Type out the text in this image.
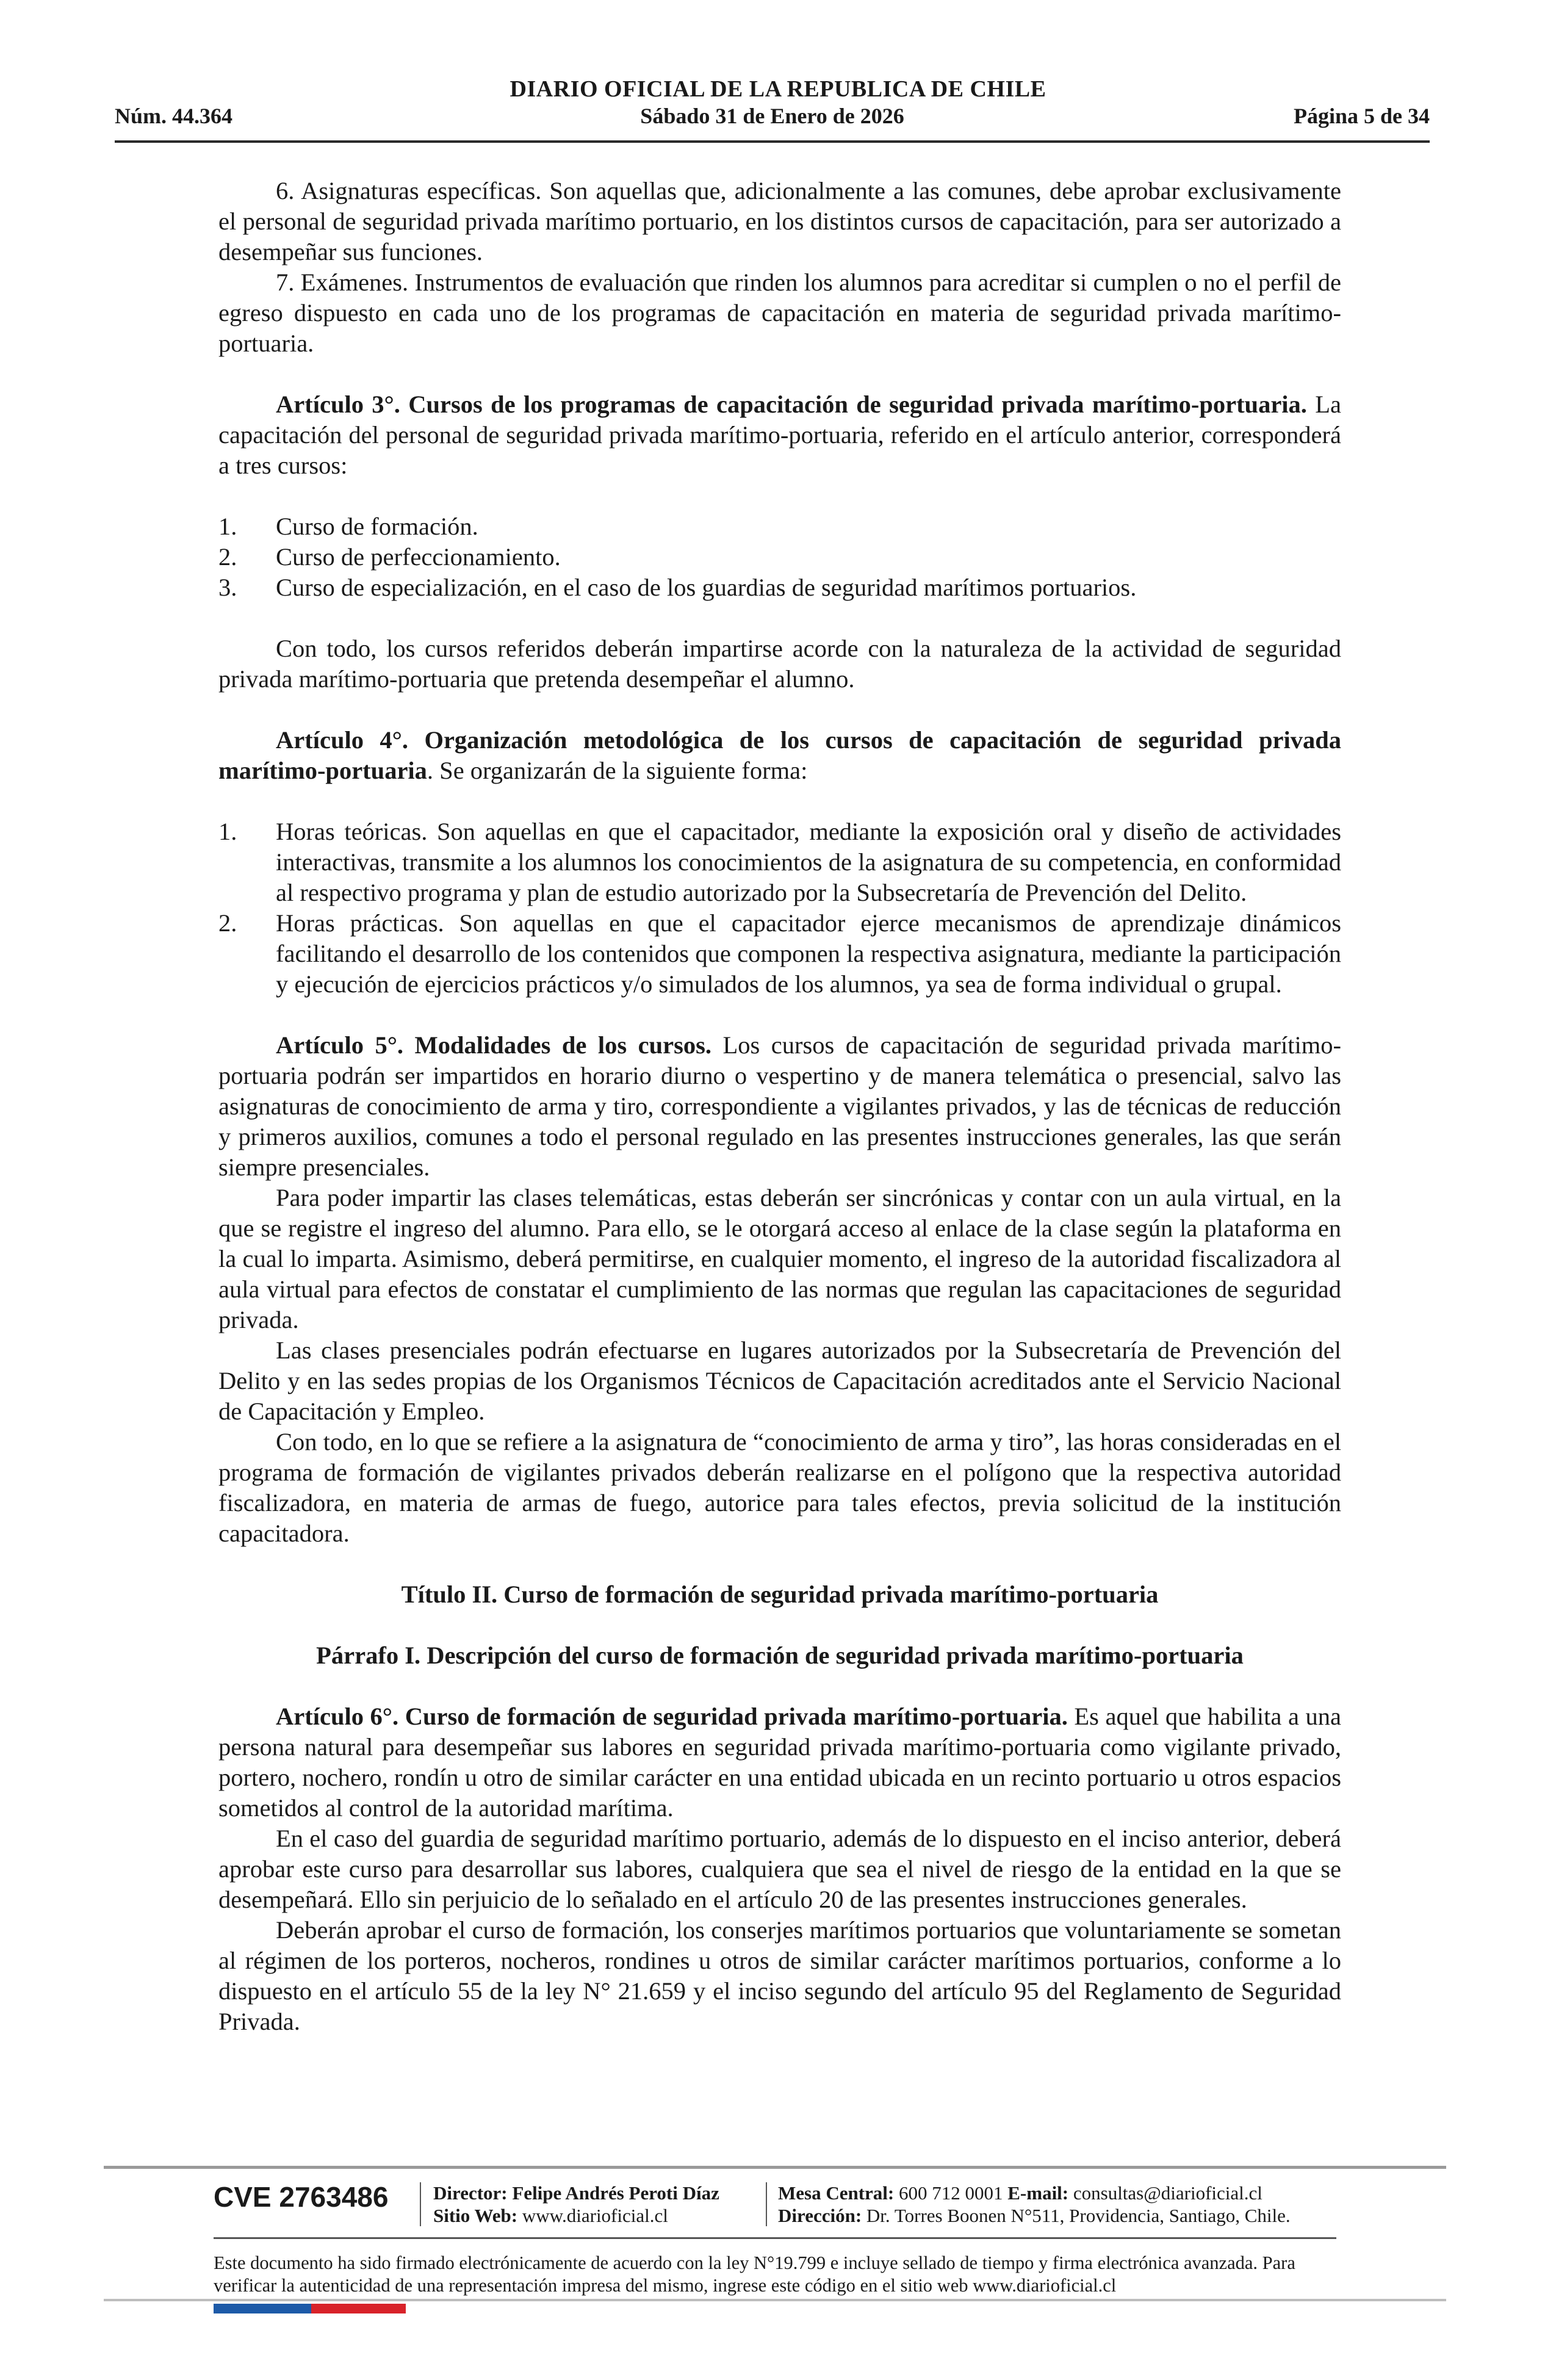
DIARIO OFICIAL DE LA REPUBLICA DE CHILE
Núm. 44.364	Sábado 31 de Enero de 2026	Página 5 de 34

6. Asignaturas específicas. Son aquellas que, adicionalmente a las comunes, debe aprobar exclusivamente el personal de seguridad privada marítimo portuario, en los distintos cursos de capacitación, para ser autorizado a desempeñar sus funciones.

7. Exámenes. Instrumentos de evaluación que rinden los alumnos para acreditar si cumplen o no el perfil de egreso dispuesto en cada uno de los programas de capacitación en materia de seguridad privada marítimo-portuaria.

Artículo 3°. Cursos de los programas de capacitación de seguridad privada marítimo-portuaria. La capacitación del personal de seguridad privada marítimo-portuaria, referido en el artículo anterior, corresponderá a tres cursos:

1. Curso de formación.
2. Curso de perfeccionamiento.
3. Curso de especialización, en el caso de los guardias de seguridad marítimos portuarios.

Con todo, los cursos referidos deberán impartirse acorde con la naturaleza de la actividad de seguridad privada marítimo-portuaria que pretenda desempeñar el alumno.

Artículo 4°. Organización metodológica de los cursos de capacitación de seguridad privada marítimo-portuaria. Se organizarán de la siguiente forma:

1. Horas teóricas. Son aquellas en que el capacitador, mediante la exposición oral y diseño de actividades interactivas, transmite a los alumnos los conocimientos de la asignatura de su competencia, en conformidad al respectivo programa y plan de estudio autorizado por la Subsecretaría de Prevención del Delito.
2. Horas prácticas. Son aquellas en que el capacitador ejerce mecanismos de aprendizaje dinámicos facilitando el desarrollo de los contenidos que componen la respectiva asignatura, mediante la participación y ejecución de ejercicios prácticos y/o simulados de los alumnos, ya sea de forma individual o grupal.

Artículo 5°. Modalidades de los cursos. Los cursos de capacitación de seguridad privada marítimo-portuaria podrán ser impartidos en horario diurno o vespertino y de manera telemática o presencial, salvo las asignaturas de conocimiento de arma y tiro, correspondiente a vigilantes privados, y las de técnicas de reducción y primeros auxilios, comunes a todo el personal regulado en las presentes instrucciones generales, las que serán siempre presenciales.

Para poder impartir las clases telemáticas, estas deberán ser sincrónicas y contar con un aula virtual, en la que se registre el ingreso del alumno. Para ello, se le otorgará acceso al enlace de la clase según la plataforma en la cual lo imparta. Asimismo, deberá permitirse, en cualquier momento, el ingreso de la autoridad fiscalizadora al aula virtual para efectos de constatar el cumplimiento de las normas que regulan las capacitaciones de seguridad privada.

Las clases presenciales podrán efectuarse en lugares autorizados por la Subsecretaría de Prevención del Delito y en las sedes propias de los Organismos Técnicos de Capacitación acreditados ante el Servicio Nacional de Capacitación y Empleo.

Con todo, en lo que se refiere a la asignatura de “conocimiento de arma y tiro”, las horas consideradas en el programa de formación de vigilantes privados deberán realizarse en el polígono que la respectiva autoridad fiscalizadora, en materia de armas de fuego, autorice para tales efectos, previa solicitud de la institución capacitadora.

Título II. Curso de formación de seguridad privada marítimo-portuaria

Párrafo I. Descripción del curso de formación de seguridad privada marítimo-portuaria

Artículo 6°. Curso de formación de seguridad privada marítimo-portuaria. Es aquel que habilita a una persona natural para desempeñar sus labores en seguridad privada marítimo-portuaria como vigilante privado, portero, nochero, rondín u otro de similar carácter en una entidad ubicada en un recinto portuario u otros espacios sometidos al control de la autoridad marítima.

En el caso del guardia de seguridad marítimo portuario, además de lo dispuesto en el inciso anterior, deberá aprobar este curso para desarrollar sus labores, cualquiera que sea el nivel de riesgo de la entidad en la que se desempeñará. Ello sin perjuicio de lo señalado en el artículo 20 de las presentes instrucciones generales.

Deberán aprobar el curso de formación, los conserjes marítimos portuarios que voluntariamente se sometan al régimen de los porteros, nocheros, rondines u otros de similar carácter marítimos portuarios, conforme a lo dispuesto en el artículo 55 de la ley N° 21.659 y el inciso segundo del artículo 95 del Reglamento de Seguridad Privada.

CVE 2763486 Director: Felipe Andrés Peroti Díaz
Sitio Web: www.diarioficial.cl
Mesa Central: 600 712 0001 E-mail: consultas@diarioficial.cl
Dirección: Dr. Torres Boonen N°511, Providencia, Santiago, Chile.
Este documento ha sido firmado electrónicamente de acuerdo con la ley N°19.799 e incluye sellado de tiempo y firma electrónica avanzada. Para verificar la autenticidad de una representación impresa del mismo, ingrese este código en el sitio web www.diarioficial.cl
